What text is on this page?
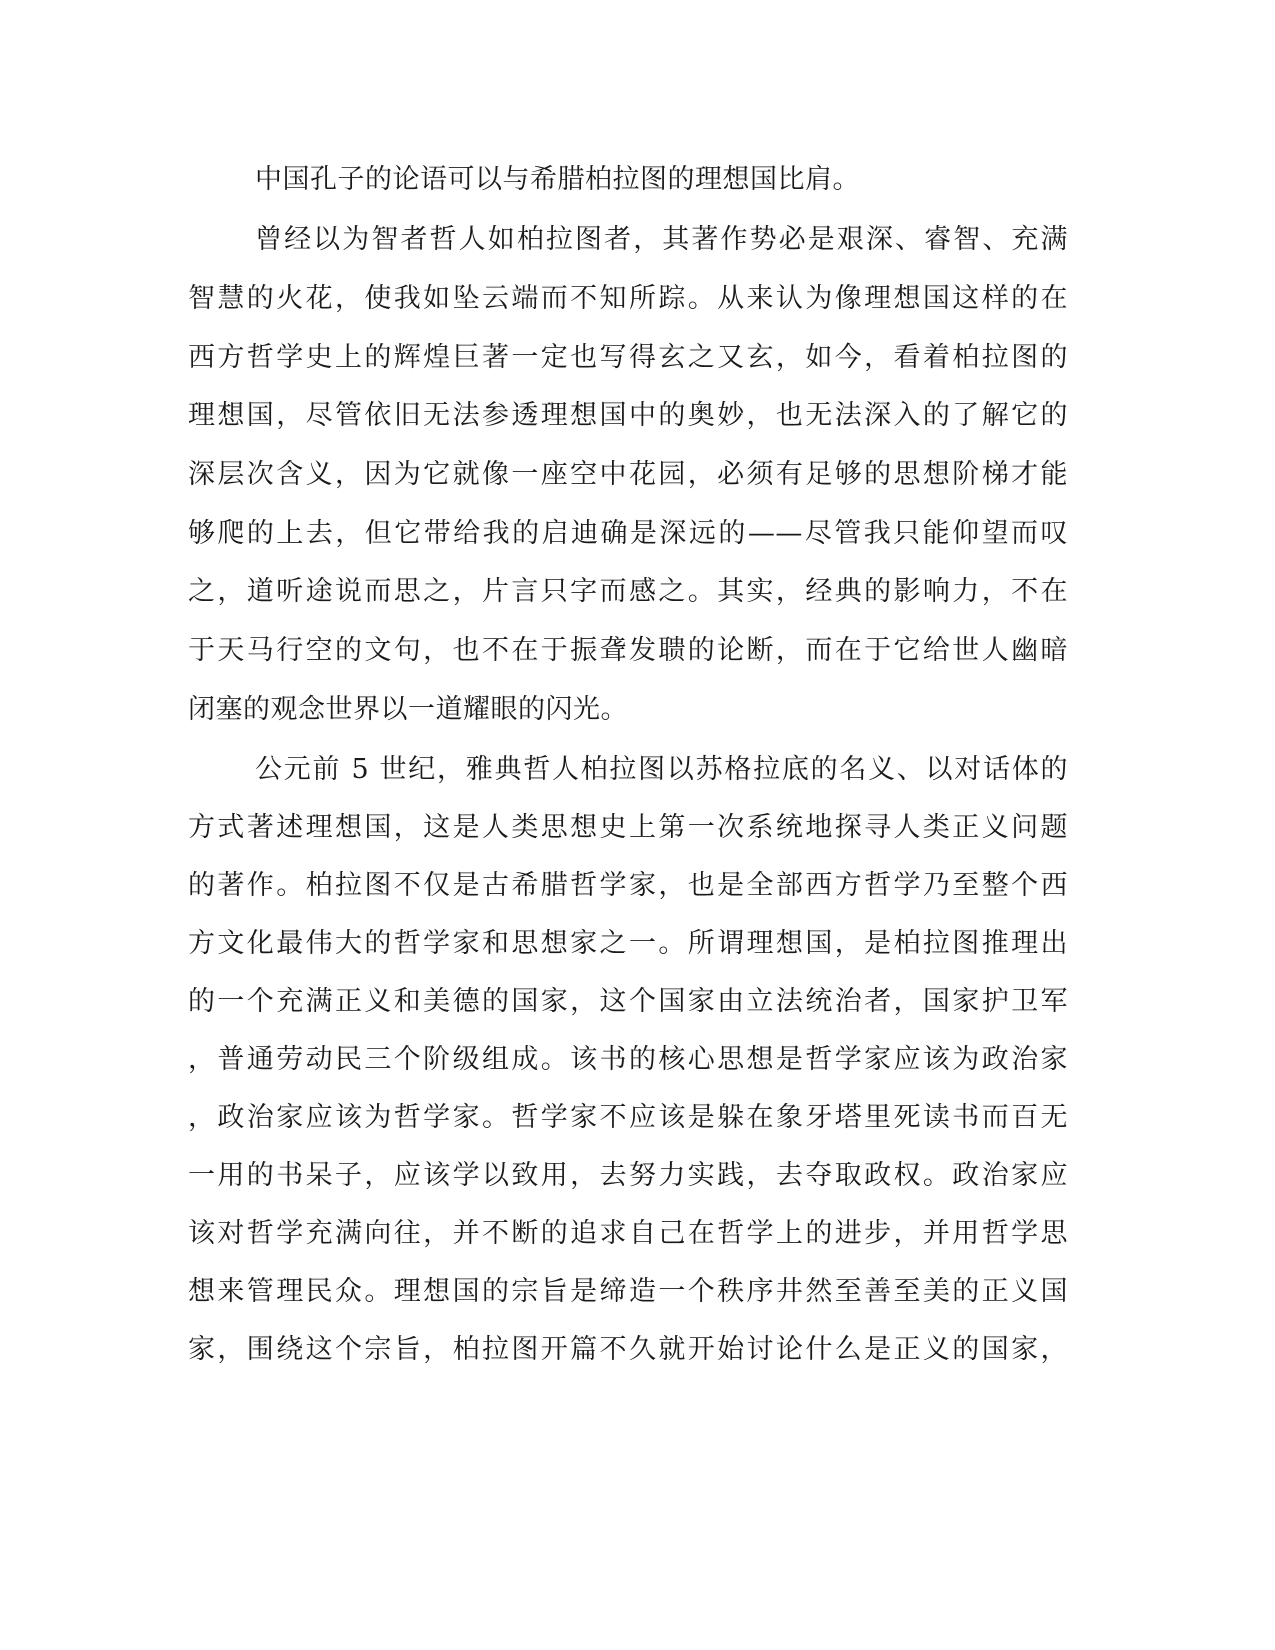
中国孔子的论语可以与希腊柏拉图的理想国比肩。

曾经以为智者哲人如柏拉图者，其著作势必是艰深、睿智、充满

智慧的火花，使我如坠云端而不知所踪。从来认为像理想国这样的在

西方哲学史上的辉煌巨著一定也写得玄之又玄，如今，看着柏拉图的

理想国，尽管依旧无法参透理想国中的奥妙，也无法深入的了解它的

深层次含义，因为它就像一座空中花园，必须有足够的思想阶梯才能

够爬的上去，但它带给我的启迪确是深远的——尽管我只能仰望而叹

之，道听途说而思之，片言只字而感之。其实，经典的影响力，不在

于天马行空的文句，也不在于振聋发聩的论断，而在于它给世人幽暗

闭塞的观念世界以一道耀眼的闪光。

公元前 5 世纪，雅典哲人柏拉图以苏格拉底的名义、以对话体的

方式著述理想国，这是人类思想史上第一次系统地探寻人类正义问题

的著作。柏拉图不仅是古希腊哲学家，也是全部西方哲学乃至整个西

方文化最伟大的哲学家和思想家之一。所谓理想国，是柏拉图推理出

的一个充满正义和美德的国家，这个国家由立法统治者，国家护卫军

，普通劳动民三个阶级组成。该书的核心思想是哲学家应该为政治家

，政治家应该为哲学家。哲学家不应该是躲在象牙塔里死读书而百无

一用的书呆子，应该学以致用，去努力实践，去夺取政权。政治家应

该对哲学充满向往，并不断的追求自己在哲学上的进步，并用哲学思

想来管理民众。理想国的宗旨是缔造一个秩序井然至善至美的正义国

家，围绕这个宗旨，柏拉图开篇不久就开始讨论什么是正义的国家，
